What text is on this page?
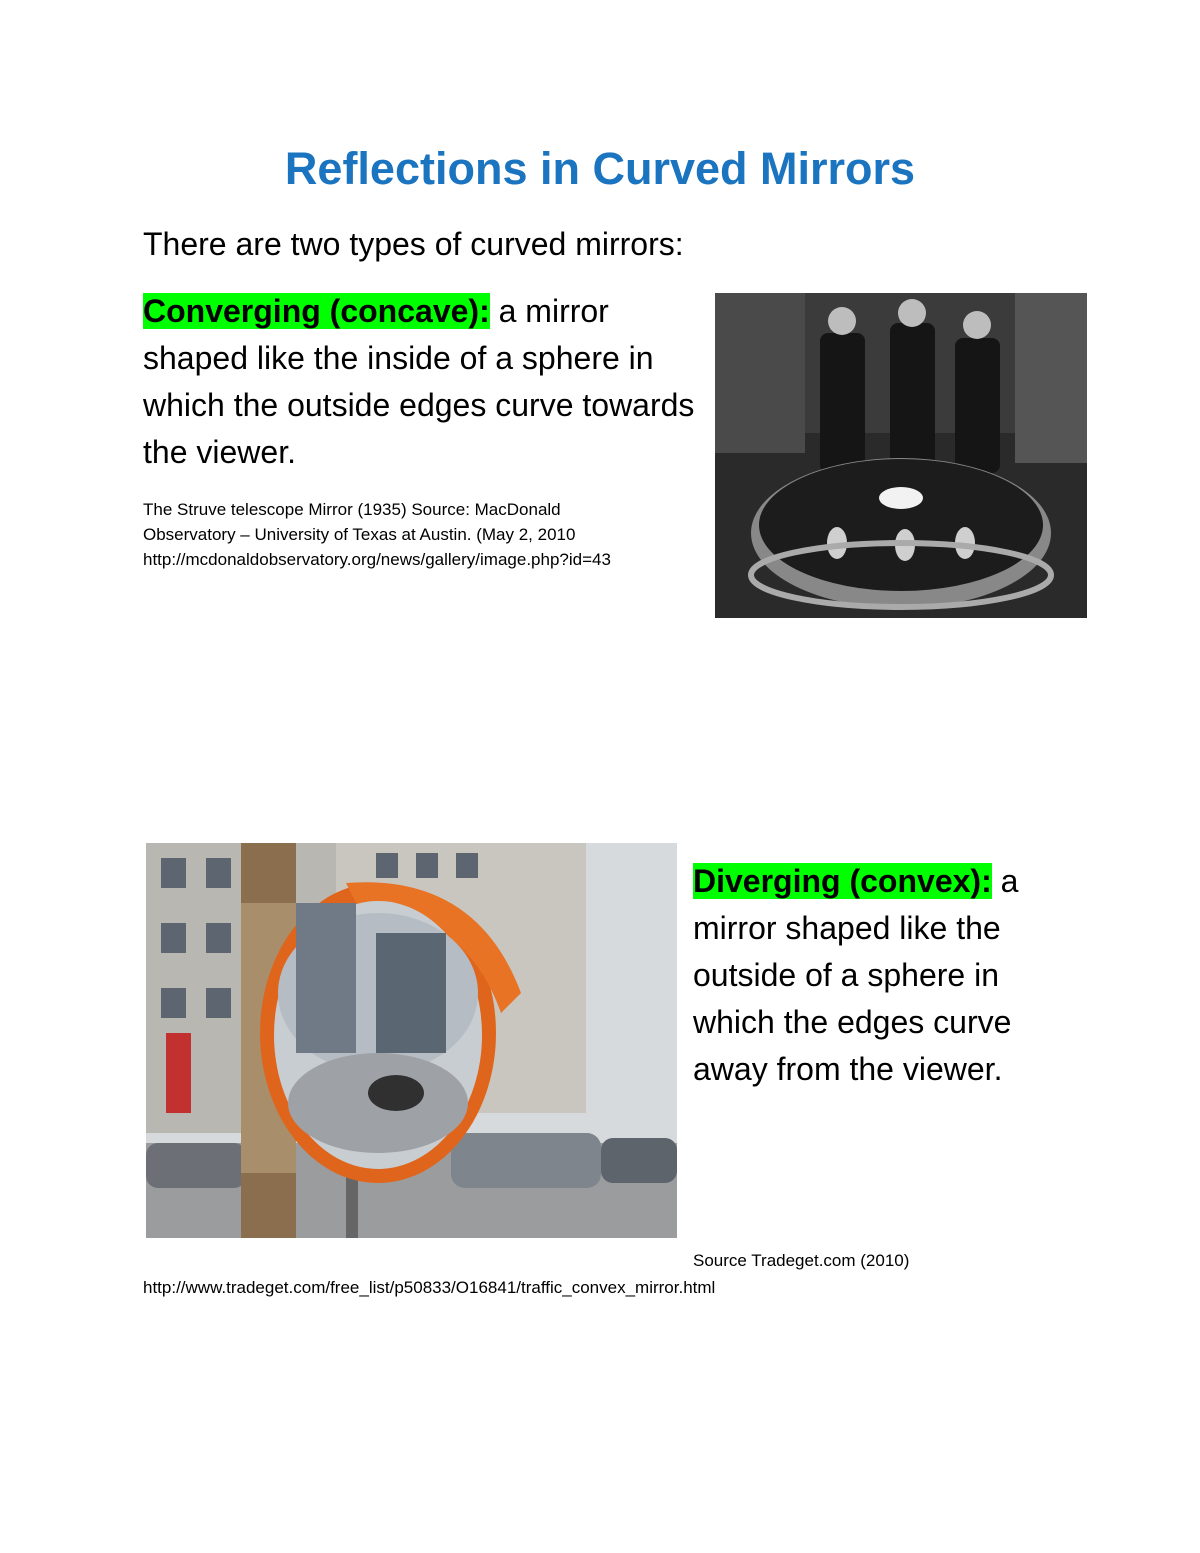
Reflections in Curved Mirrors

There are two types of curved mirrors:

Converging (concave): a mirror shaped like the inside of a sphere in which the outside edges curve towards the viewer.

The Struve telescope Mirror (1935) Source: MacDonald
Observatory – University of Texas at Austin. (May 2, 2010
http://mcdonaldobservatory.org/news/gallery/image.php?id=43

Diverging (convex): a mirror shaped like the outside of a sphere in which the edges curve away from the viewer.

Source Tradeget.com (2010)

http://www.tradeget.com/free_list/p50833/O16841/traffic_convex_mirror.html
